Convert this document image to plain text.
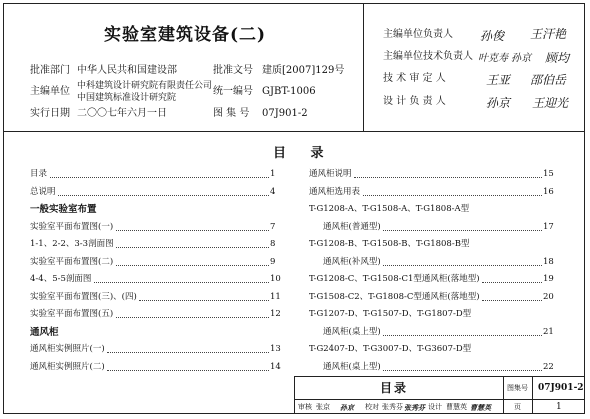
实验室建筑设备(二)
批准部门 中华人民共和国建设部	批准文号 建质[2007]129号
主编单位 中科建筑设计研究院有限责任公司
中国建筑标准设计研究院
统一编号 GJBT-1006
实行日期 二〇〇七年六月一日	图 集 号 07J901-2
主编单位负责人 孙俊 王汗艳
主编单位技术负责人 叶克寿 孙京 顾均
技 术 审 定 人	王亚 邵伯岳
设 计 负 责 人	孙京 王迎光
目 录
目录	1
总说明	4
一般实验室布置
实验室平面布置图(一)	7
1-1、2-2、3-3剖面图	8
实验室平面布置图(二)	9
4-4、5-5剖面图	10
实验室平面布置图(三)、(四)	11
实验室平面布置图(五)	12
通风柜
通风柜实例照片(一)	13
通风柜实例照片(二)	14
通风柜说明	15
通风柜选用表	16
T-G1208-A、T-G1508-A、T-G1808-A型
通风柜(普通型)	17
T-G1208-B、T-G1508-B、T-G1808-B型
通风柜(补风型)	18
T-G1208-C、T-G1508-C1型通风柜(落地型)	19
T-G1508-C2、T-G1808-C型通风柜(落地型)	20
T-G1207-D、T-G1507-D、T-G1807-D型
通风柜(桌上型)	21
T-G2407-D、T-G3007-D、T-G3607-D型
通风柜(桌上型)	22
目录	图集号 07J901-2
页	1
审核 张京 孙京 校对 张秀芬 张秀芬 设计 曹慧英 曹慧英
